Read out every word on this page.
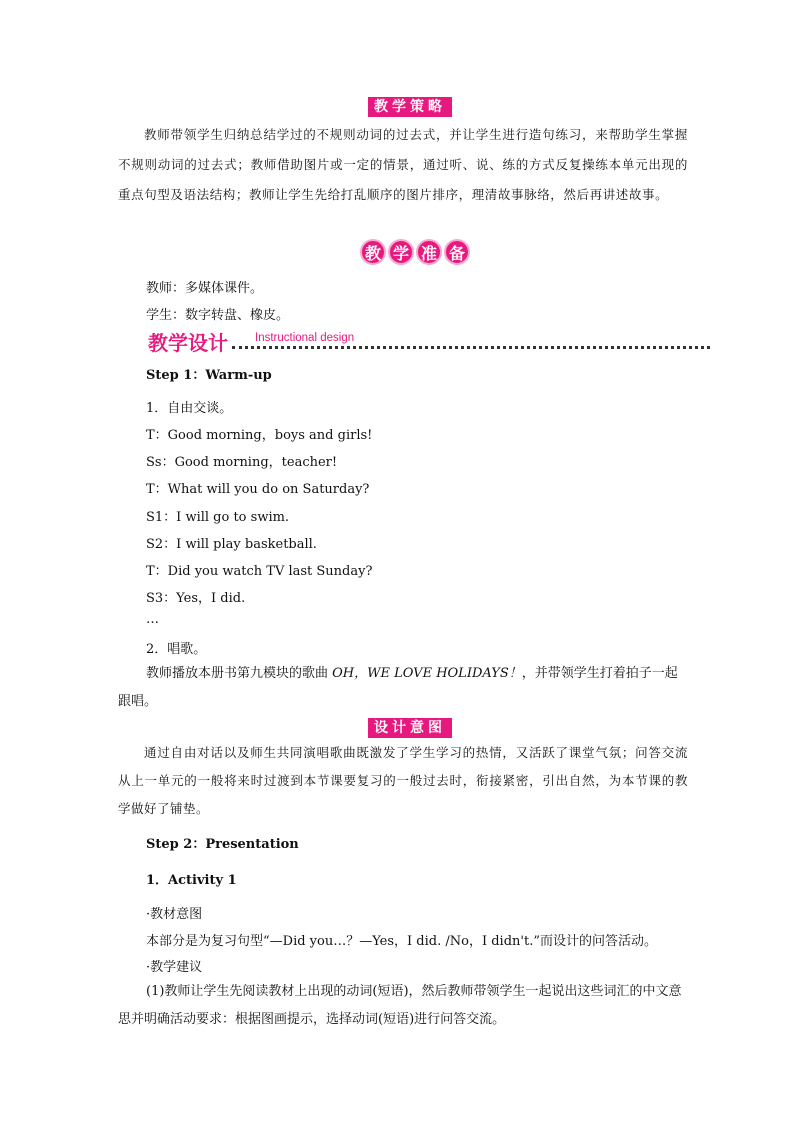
教学策略
教师带领学生归纳总结学过的不规则动词的过去式，并让学生进行造句练习，来帮助学生掌握不规则动词的过去式；教师借助图片或一定的情景，通过听、说、练的方式反复操练本单元出现的重点句型及语法结构；教师让学生先给打乱顺序的图片排序，理清故事脉络，然后再讲述故事。
教 学 准 备
教师：多媒体课件。
学生：数字转盘、橡皮。
教学设计 Instructional design
Step 1：Warm-up
1．自由交谈。
T：Good morning，boys and girls!
Ss：Good morning，teacher!
T：What will you do on Saturday?
S1：I will go to swim.
S2：I will play basketball.
T：Did you watch TV last Sunday?
S3：Yes，I did.
…
2．唱歌。
教师播放本册书第九模块的歌曲 OH，WE LOVE HOLIDAYS！，并带领学生打着拍子一起跟唱。
设计意图
通过自由对话以及师生共同演唱歌曲既激发了学生学习的热情，又活跃了课堂气氛；问答交流从上一单元的一般将来时过渡到本节课要复习的一般过去时，衔接紧密，引出自然，为本节课的教学做好了铺垫。
Step 2：Presentation
1．Activity 1
·教材意图
本部分是为复习句型“—Did you…？—Yes，I did. /No，I didn't.”而设计的问答活动。
·教学建议
(1)教师让学生先阅读教材上出现的动词(短语)，然后教师带领学生一起说出这些词汇的中文意思并明确活动要求：根据图画提示，选择动词(短语)进行问答交流。
